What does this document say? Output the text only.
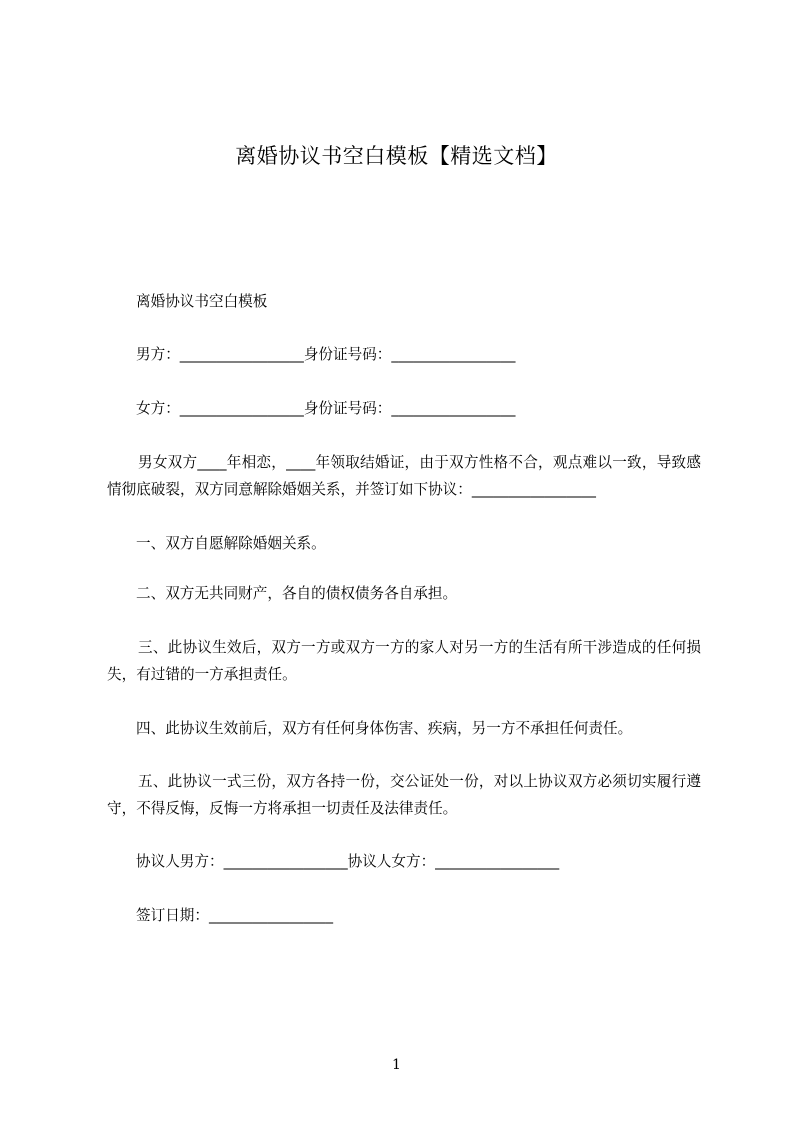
离婚协议书空白模板【精选文档】

离婚协议书空白模板

男方：_________________身份证号码：_________________

女方：_________________身份证号码：_________________

男女双方____年相恋，____年领取结婚证，由于双方性格不合，观点难以一致，导致感情彻底破裂，双方同意解除婚姻关系，并签订如下协议：_________________

一、双方自愿解除婚姻关系。

二、双方无共同财产，各自的债权债务各自承担。

三、此协议生效后，双方一方或双方一方的家人对另一方的生活有所干涉造成的任何损失，有过错的一方承担责任。

四、此协议生效前后，双方有任何身体伤害、疾病，另一方不承担任何责任。

五、此协议一式三份，双方各持一份，交公证处一份，对以上协议双方必须切实履行遵守，不得反悔，反悔一方将承担一切责任及法律责任。

协议人男方：_________________协议人女方：_________________

签订日期：_________________

1
